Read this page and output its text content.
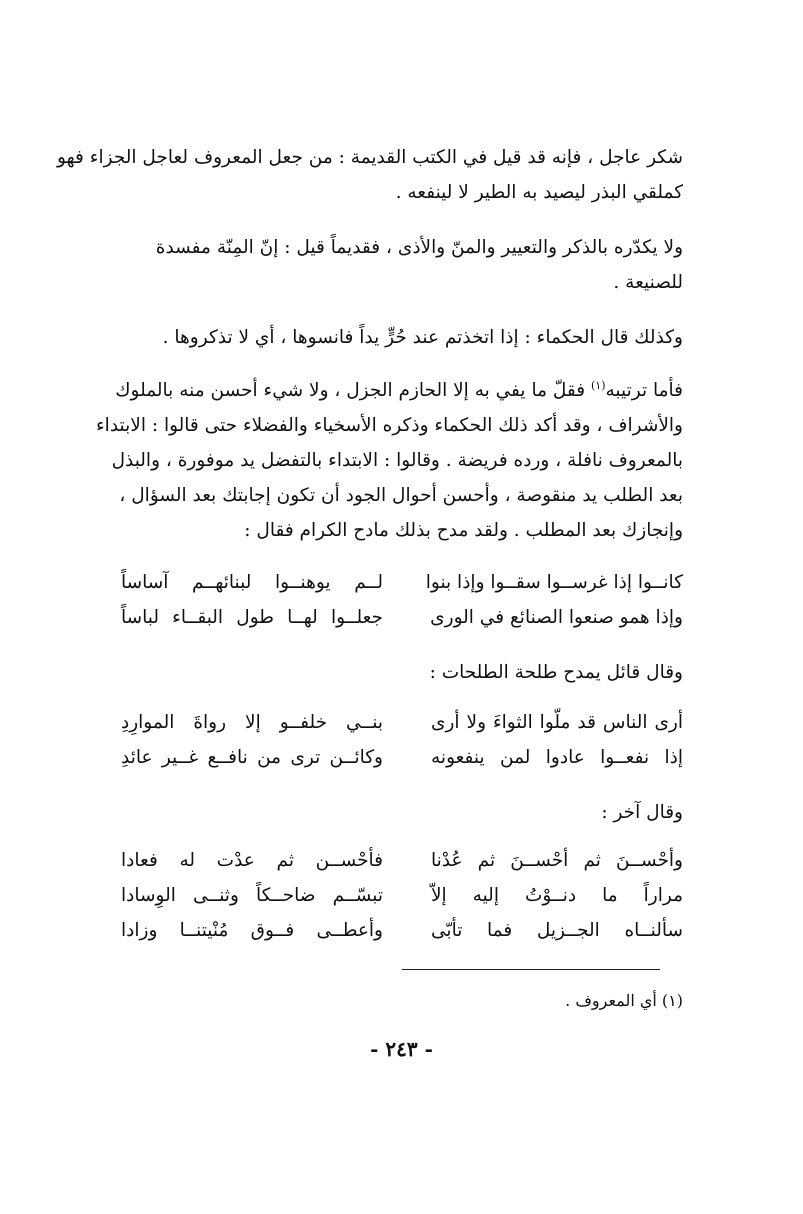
شكر عاجل ، فإنه قد قيل في الكتب القديمة : من جعل المعروف لعاجل الجزاء فهو
كملقي البذر ليصيد به الطير لا لينفعه .
ولا يكدّره بالذكر والتعيير والمنّ والأذى ، فقديماً قيل : إنّ المِنّة مفسدة
للصنيعة .
وكذلك قال الحكماء : إذا اتخذتم عند حُرٍّ يداً فانسوها ، أي لا تذكروها .
فأما ترتيبه$^{(١)}$ فقلّ ما يفي به إلا الحازم الجزل ، ولا شيء أحسن منه بالملوك
والأشراف ، وقد أكد ذلك الحكماء وذكره الأسخياء والفضلاء حتى قالوا : الابتداء
بالمعروف نافلة ، ورده فريضة . وقالوا : الابتداء بالتفضل يد موفورة ، والبذل
بعد الطلب يد منقوصة ، وأحسن أحوال الجود أن تكون إجابتك بعد السؤال ،
وإنجازك بعد المطلب . ولقد مدح بذلك مادح الكرام فقال :
كانــوا إذا غرســوا سقــوا وإذا بنوا
لــم يوهنــوا لبنائهــم آساساً
وإذا همو صنعوا الصنائع في الورى
جعلــوا لهــا طول البقــاء لباساً
وقال قائل يمدح طلحة الطلحات :
أرى الناس قد ملّوا الثواءَ ولا أرى
بنــي خلفــو إلا رواةَ الموارِدِ
إذا نفعــوا عادوا لمن ينفعونه
وكائــن ترى من نافــع غــير عائدِ
وقال آخر :
وأحْســنَ ثم أحْســنَ ثم عُدْنا
فأحْســن ثم عدْت له فعادا
مراراً ما دنــوْتُ إليه إلاّ
تبسّــم ضاحــكاً وثنــى الوِسادا
سألنــاه الجــزيل فما تأبّى
وأعطــى فــوق مُنْيتنــا وزادا
(١) أي المعروف .
- ٢٤٣ -
